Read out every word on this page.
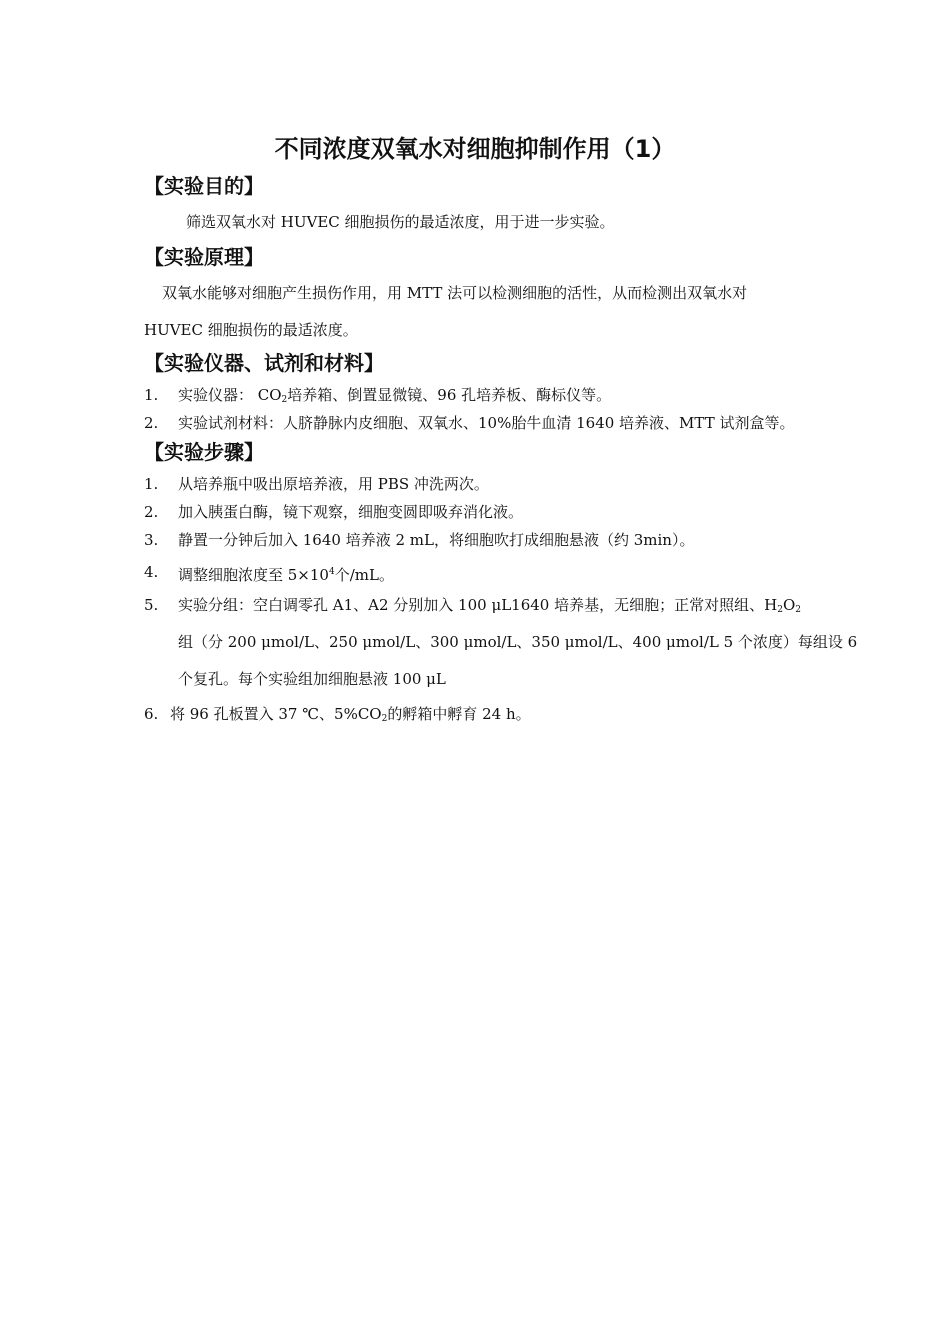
不同浓度双氧水对细胞抑制作用（1）
【实验目的】
筛选双氧水对 HUVEC 细胞损伤的最适浓度，用于进一步实验。
【实验原理】
双氧水能够对细胞产生损伤作用，用 MTT 法可以检测细胞的活性，从而检测出双氧水对
HUVEC 细胞损伤的最适浓度。
【实验仪器、试剂和材料】
1. 实验仪器： $CO_2$培养箱、倒置显微镜、96 孔培养板、酶标仪等。
2. 实验试剂材料：人脐静脉内皮细胞、双氧水、10%胎牛血清 1640 培养液、MTT 试剂盒等。
【实验步骤】
1. 从培养瓶中吸出原培养液，用 PBS 冲洗两次。
2. 加入胰蛋白酶，镜下观察，细胞变圆即吸弃消化液。
3. 静置一分钟后加入 1640 培养液 2 mL，将细胞吹打成细胞悬液（约 3min）。
4. 调整细胞浓度至 $5\times 10^4$个/mL。
5. 实验分组：空白调零孔 A1、A2 分别加入 100 μL1640 培养基，无细胞；正常对照组、$H_2O_2$
组（分 200 μmol/L、250 μmol/L、300 μmol/L、350 μmol/L、400 μmol/L 5 个浓度）每组设 6
个复孔。每个实验组加细胞悬液 100 μL
6. 将 96 孔板置入 37 ℃、$5\%CO_2$的孵箱中孵育 24 h。
